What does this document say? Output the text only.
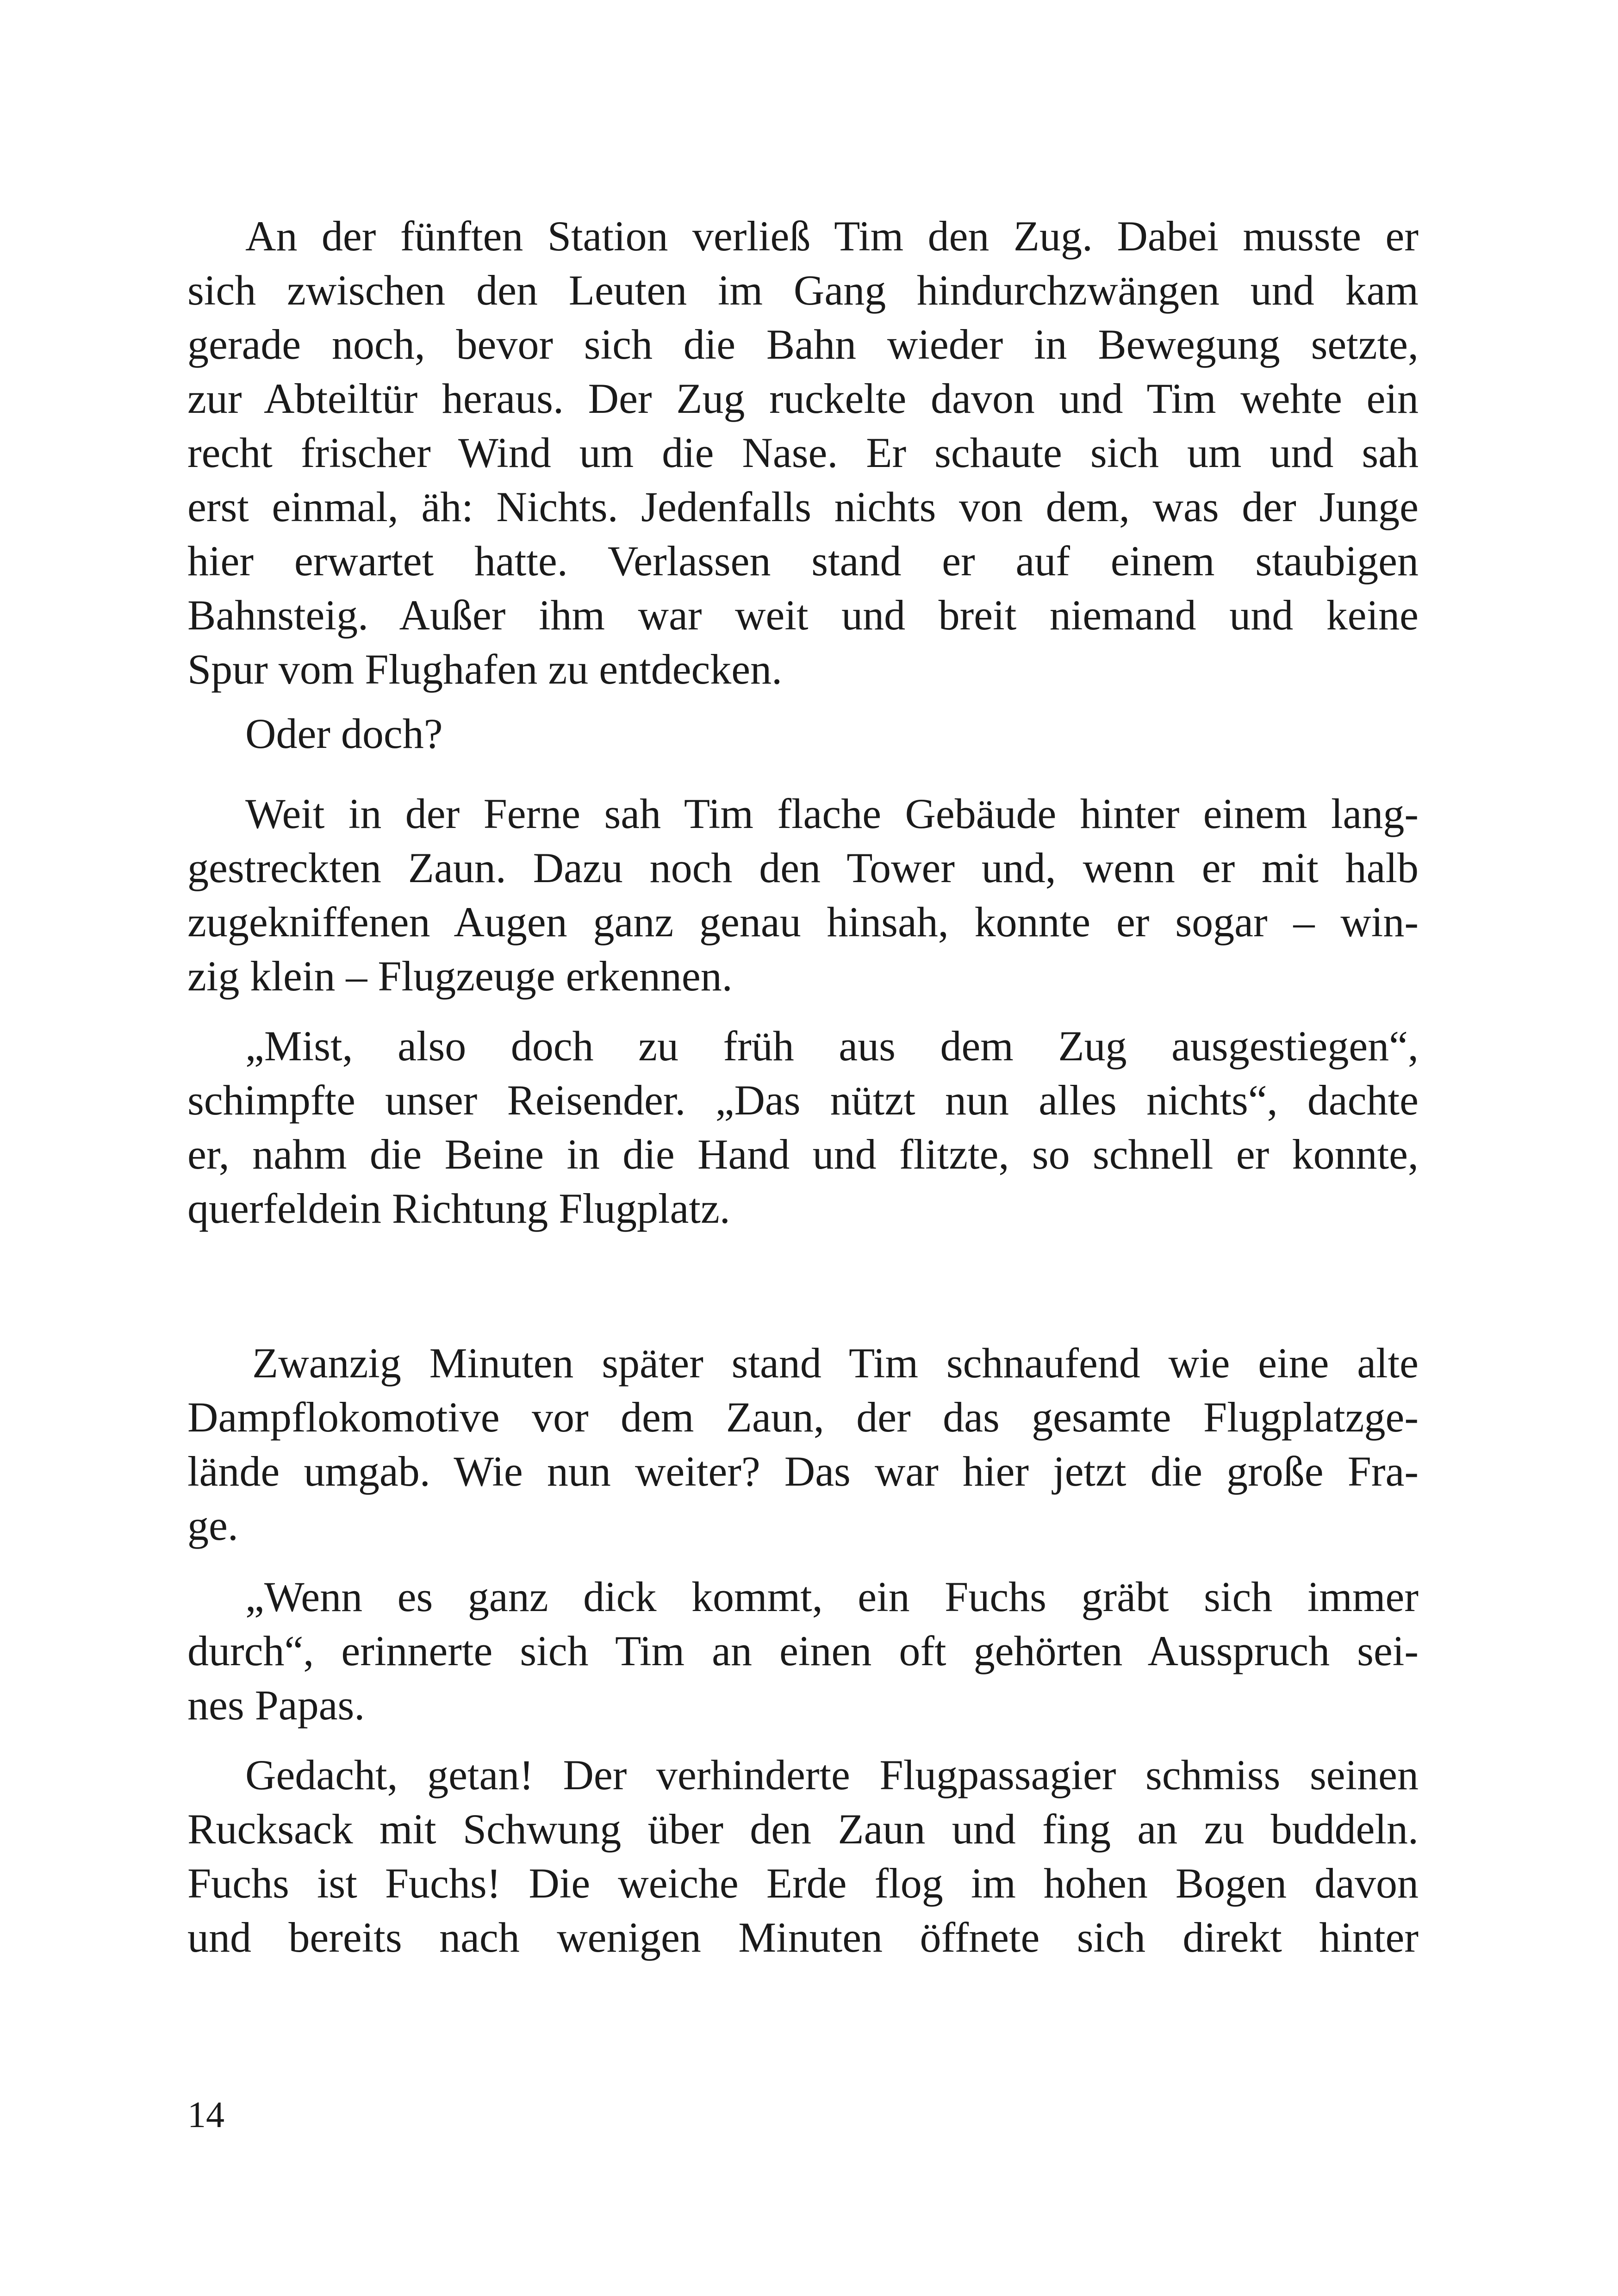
An der fünften Station verließ Tim den Zug. Dabei musste er
sich zwischen den Leuten im Gang hindurchzwängen und kam
gerade noch, bevor sich die Bahn wieder in Bewegung setzte,
zur Abteiltür heraus. Der Zug ruckelte davon und Tim wehte ein
recht frischer Wind um die Nase. Er schaute sich um und sah
erst einmal, äh: Nichts. Jedenfalls nichts von dem, was der Junge
hier erwartet hatte. Verlassen stand er auf einem staubigen
Bahnsteig. Außer ihm war weit und breit niemand und keine
Spur vom Flughafen zu entdecken.
Oder doch?
Weit in der Ferne sah Tim flache Gebäude hinter einem lang-
gestreckten Zaun. Dazu noch den Tower und, wenn er mit halb
zugekniffenen Augen ganz genau hinsah, konnte er sogar – win-
zig klein – Flugzeuge erkennen.
„Mist, also doch zu früh aus dem Zug ausgestiegen“,
schimpfte unser Reisender. „Das nützt nun alles nichts“, dachte
er, nahm die Beine in die Hand und flitzte, so schnell er konnte,
querfeldein Richtung Flugplatz.
Zwanzig Minuten später stand Tim schnaufend wie eine alte
Dampflokomotive vor dem Zaun, der das gesamte Flugplatzge-
lände umgab. Wie nun weiter? Das war hier jetzt die große Fra-
ge.
„Wenn es ganz dick kommt, ein Fuchs gräbt sich immer
durch“, erinnerte sich Tim an einen oft gehörten Ausspruch sei-
nes Papas.
Gedacht, getan! Der verhinderte Flugpassagier schmiss seinen
Rucksack mit Schwung über den Zaun und fing an zu buddeln.
Fuchs ist Fuchs! Die weiche Erde flog im hohen Bogen davon
und bereits nach wenigen Minuten öffnete sich direkt hinter
14
